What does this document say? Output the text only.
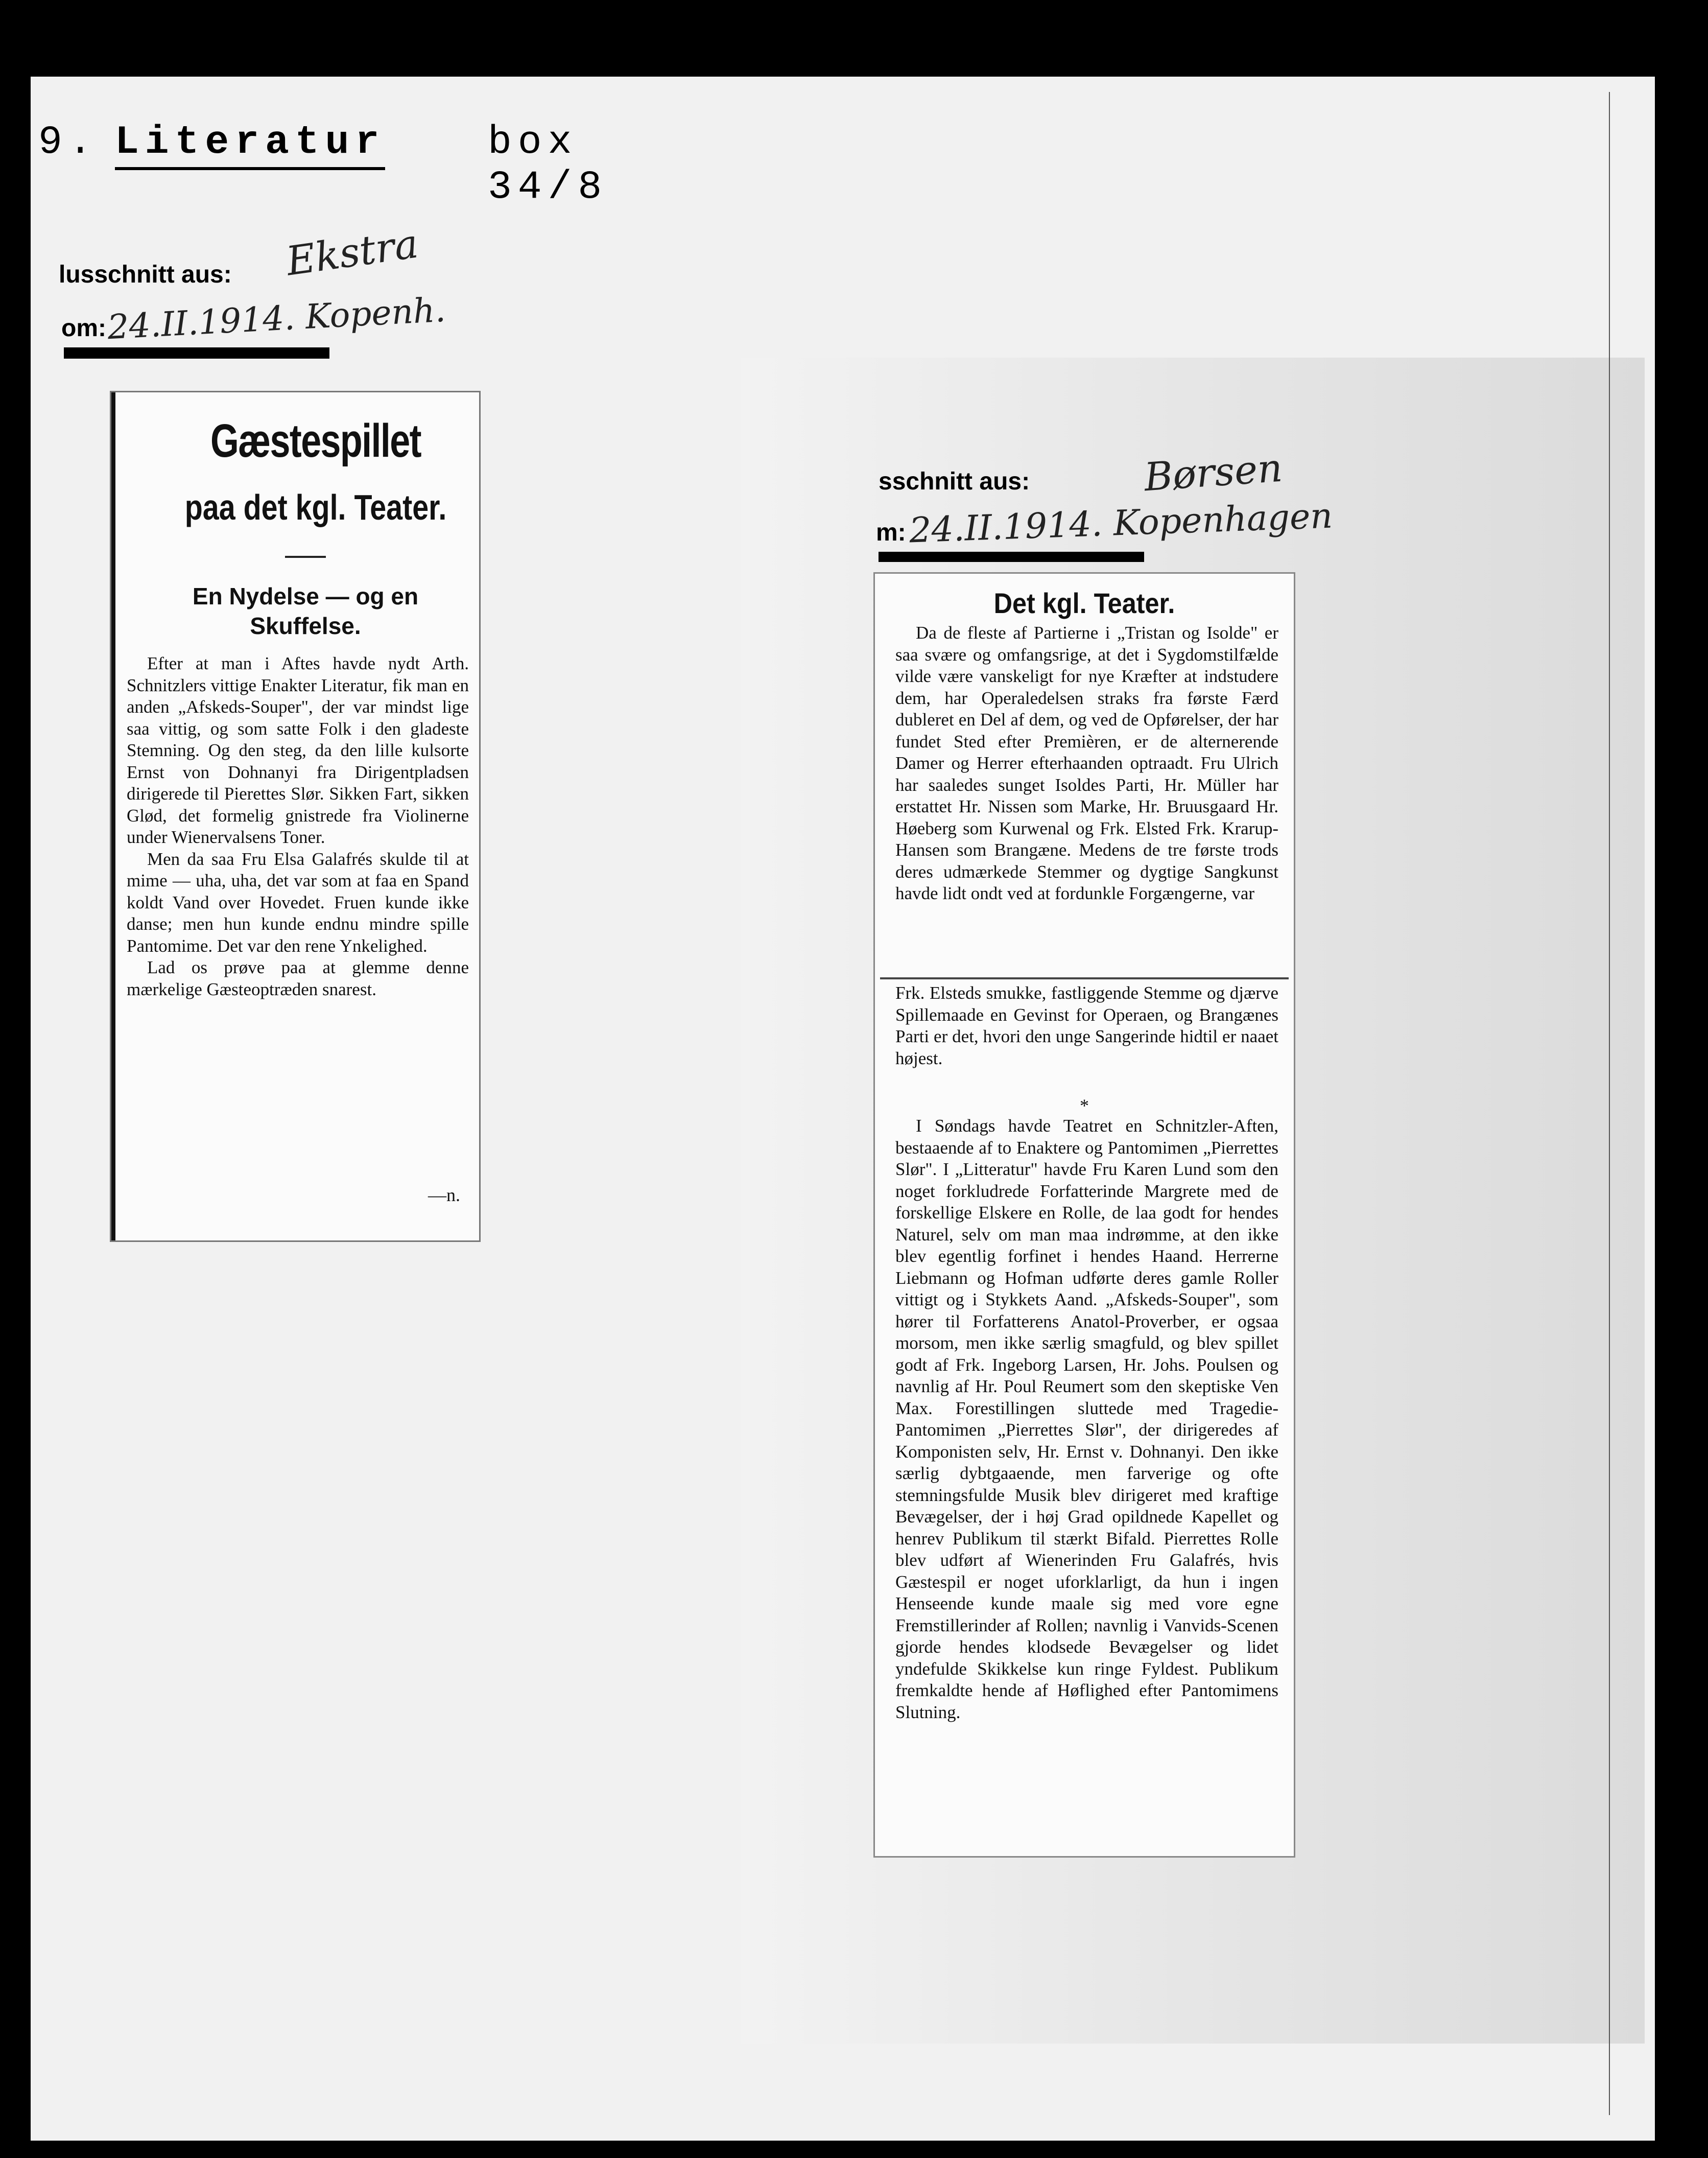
9. Literatur	box 34/8
lusschnitt aus: Ekstra
om: 24.II.1914. Kopenh.
Gæstespillet
paa det kgl. Teater.
En Nydelse — og en
Skuffelse.

Efter at man i Aftes havde nydt Arth. Schnitzlers vittige Enakter Literatur, fik man en anden „Afskeds-Souper", der var mindst lige saa vittig, og som satte Folk i den gladeste Stemning. Og den steg, da den lille kulsorte Ernst von Dohnanyi fra Dirigentpladsen dirigerede til Pierettes Slør. Sikken Fart, sikken Glød, det formelig gnistrede fra Violinerne under Wienervalsens Toner.

Men da saa Fru Elsa Galafrés skulde til at mime — uha, uha, det var som at faa en Spand koldt Vand over Hovedet. Fruen kunde ikke danse; men hun kunde endnu mindre spille Pantomime. Det var den rene Ynkelighed.

Lad os prøve paa at glemme denne mærkelige Gæsteoptræden snarest.

—n.
sschnitt aus:	Børsen
m: 24.II.1914. Kopenhagen
Det kgl. Teater.

Da de fleste af Partierne i „Tristan og Isolde" er saa svære og omfangsrige, at det i Sygdomstilfælde vilde være vanskeligt for nye Kræfter at indstudere dem, har Operaledelsen straks fra første Færd dubleret en Del af dem, og ved de Opførelser, der har fundet Sted efter Premièren, er de alternerende Damer og Herrer efterhaanden optraadt. Fru Ulrich har saaledes sunget Isoldes Parti, Hr. Müller har erstattet Hr. Nissen som Marke, Hr. Bruusgaard Hr. Høeberg som Kurwenal og Frk. Elsted Frk. Krarup-Hansen som Brangæne. Medens de tre første trods deres udmærkede Stemmer og dygtige Sangkunst havde lidt ondt ved at fordunkle Forgængerne, var

Frk. Elsteds smukke, fastliggende Stemme og djærve Spillemaade en Gevinst for Operaen, og Brangænes Parti er det, hvori den unge Sangerinde hidtil er naaet højest.

*

I Søndags havde Teatret en Schnitzler-Aften, bestaaende af to Enaktere og Pantomimen „Pierrettes Slør". I „Litteratur" havde Fru Karen Lund som den noget forkludrede Forfatterinde Margrete med de forskellige Elskere en Rolle, de laa godt for hendes Naturel, selv om man maa indrømme, at den ikke blev egentlig forfinet i hendes Haand. Herrerne Liebmann og Hofman udførte deres gamle Roller vittigt og i Stykkets Aand. „Afskeds-Souper", som hører til Forfatterens Anatol-Proverber, er ogsaa morsom, men ikke særlig smagfuld, og blev spillet godt af Frk. Ingeborg Larsen, Hr. Johs. Poulsen og navnlig af Hr. Poul Reumert som den skeptiske Ven Max. Forestillingen sluttede med Tragedie-Pantomimen „Pierrettes Slør", der dirigeredes af Komponisten selv, Hr. Ernst v. Dohnanyi. Den ikke særlig dybtgaaende, men farverige og ofte stemningsfulde Musik blev dirigeret med kraftige Bevægelser, der i høj Grad opildnede Kapellet og henrev Publikum til stærkt Bifald. Pierrettes Rolle blev udført af Wienerinden Fru Galafrés, hvis Gæstespil er noget uforklarligt, da hun i ingen Henseende kunde maale sig med vore egne Fremstillerinder af Rollen; navnlig i Vanvids-Scenen gjorde hendes klodsede Bevægelser og lidet yndefulde Skikkelse kun ringe Fyldest. Publikum fremkaldte hende af Høflighed efter Pantomimens Slutning.
